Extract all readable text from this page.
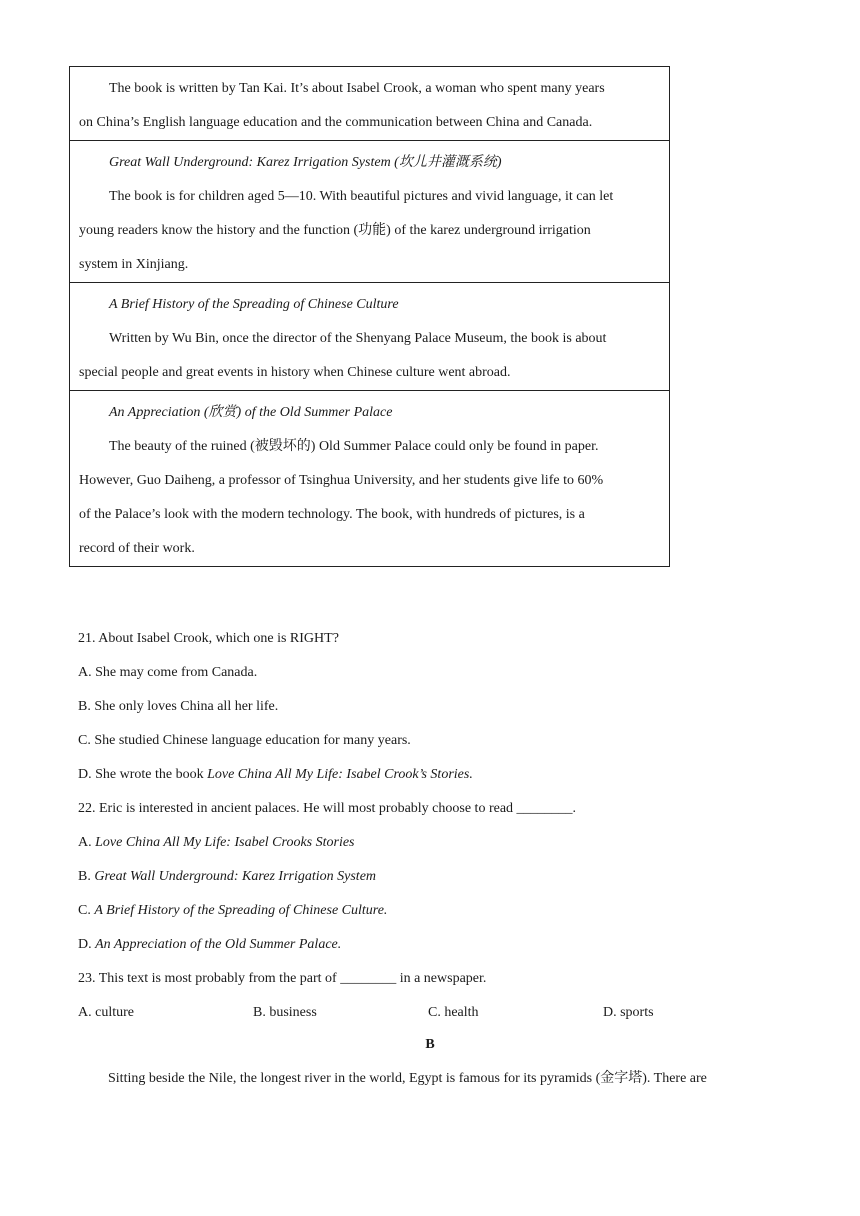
The book is written by Tan Kai. It’s about Isabel Crook, a woman who spent many years
on China’s English language education and the communication between China and Canada.
Great Wall Underground: Karez Irrigation System (坎儿井灌溉系统)
The book is for children aged 5—10. With beautiful pictures and vivid language, it can let
young readers know the history and the function (功能) of the karez underground irrigation
system in Xinjiang.
A Brief History of the Spreading of Chinese Culture
Written by Wu Bin, once the director of the Shenyang Palace Museum, the book is about
special people and great events in history when Chinese culture went abroad.
An Appreciation (欣赏) of the Old Summer Palace
The beauty of the ruined (被毁坏的) Old Summer Palace could only be found in paper.
However, Guo Daiheng, a professor of Tsinghua University, and her students give life to 60%
of the Palace’s look with the modern technology. The book, with hundreds of pictures, is a
record of their work.
21. About Isabel Crook, which one is RIGHT?
A. She may come from Canada.
B. She only loves China all her life.
C. She studied Chinese language education for many years.
D. She wrote the book Love China All My Life: Isabel Crook’s Stories.
22. Eric is interested in ancient palaces. He will most probably choose to read ________.
A. Love China All My Life: Isabel Crooks Stories
B. Great Wall Underground: Karez Irrigation System
C. A Brief History of the Spreading of Chinese Culture.
D. An Appreciation of the Old Summer Palace.
23. This text is most probably from the part of ________ in a newspaper.
A. culture	B. business	C. health	D. sports
B
Sitting beside the Nile, the longest river in the world, Egypt is famous for its pyramids (金字塔). There are
